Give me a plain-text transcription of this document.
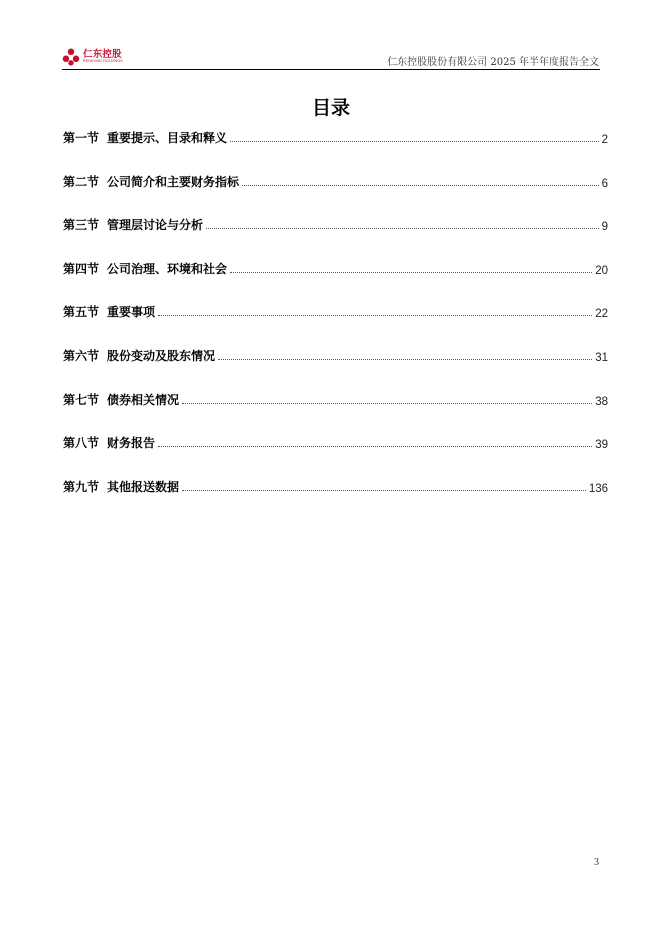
仁东控股
RENDONG HOLDINGS	仁东控股股份有限公司 2025 年半年度报告全文
目录
第一节 重要提示、目录和释义	2
第二节 公司简介和主要财务指标	6
第三节 管理层讨论与分析	9
第四节 公司治理、环境和社会	20
第五节 重要事项	22
第六节 股份变动及股东情况	31
第七节 债券相关情况	38
第八节 财务报告	39
第九节 其他报送数据	136
3
